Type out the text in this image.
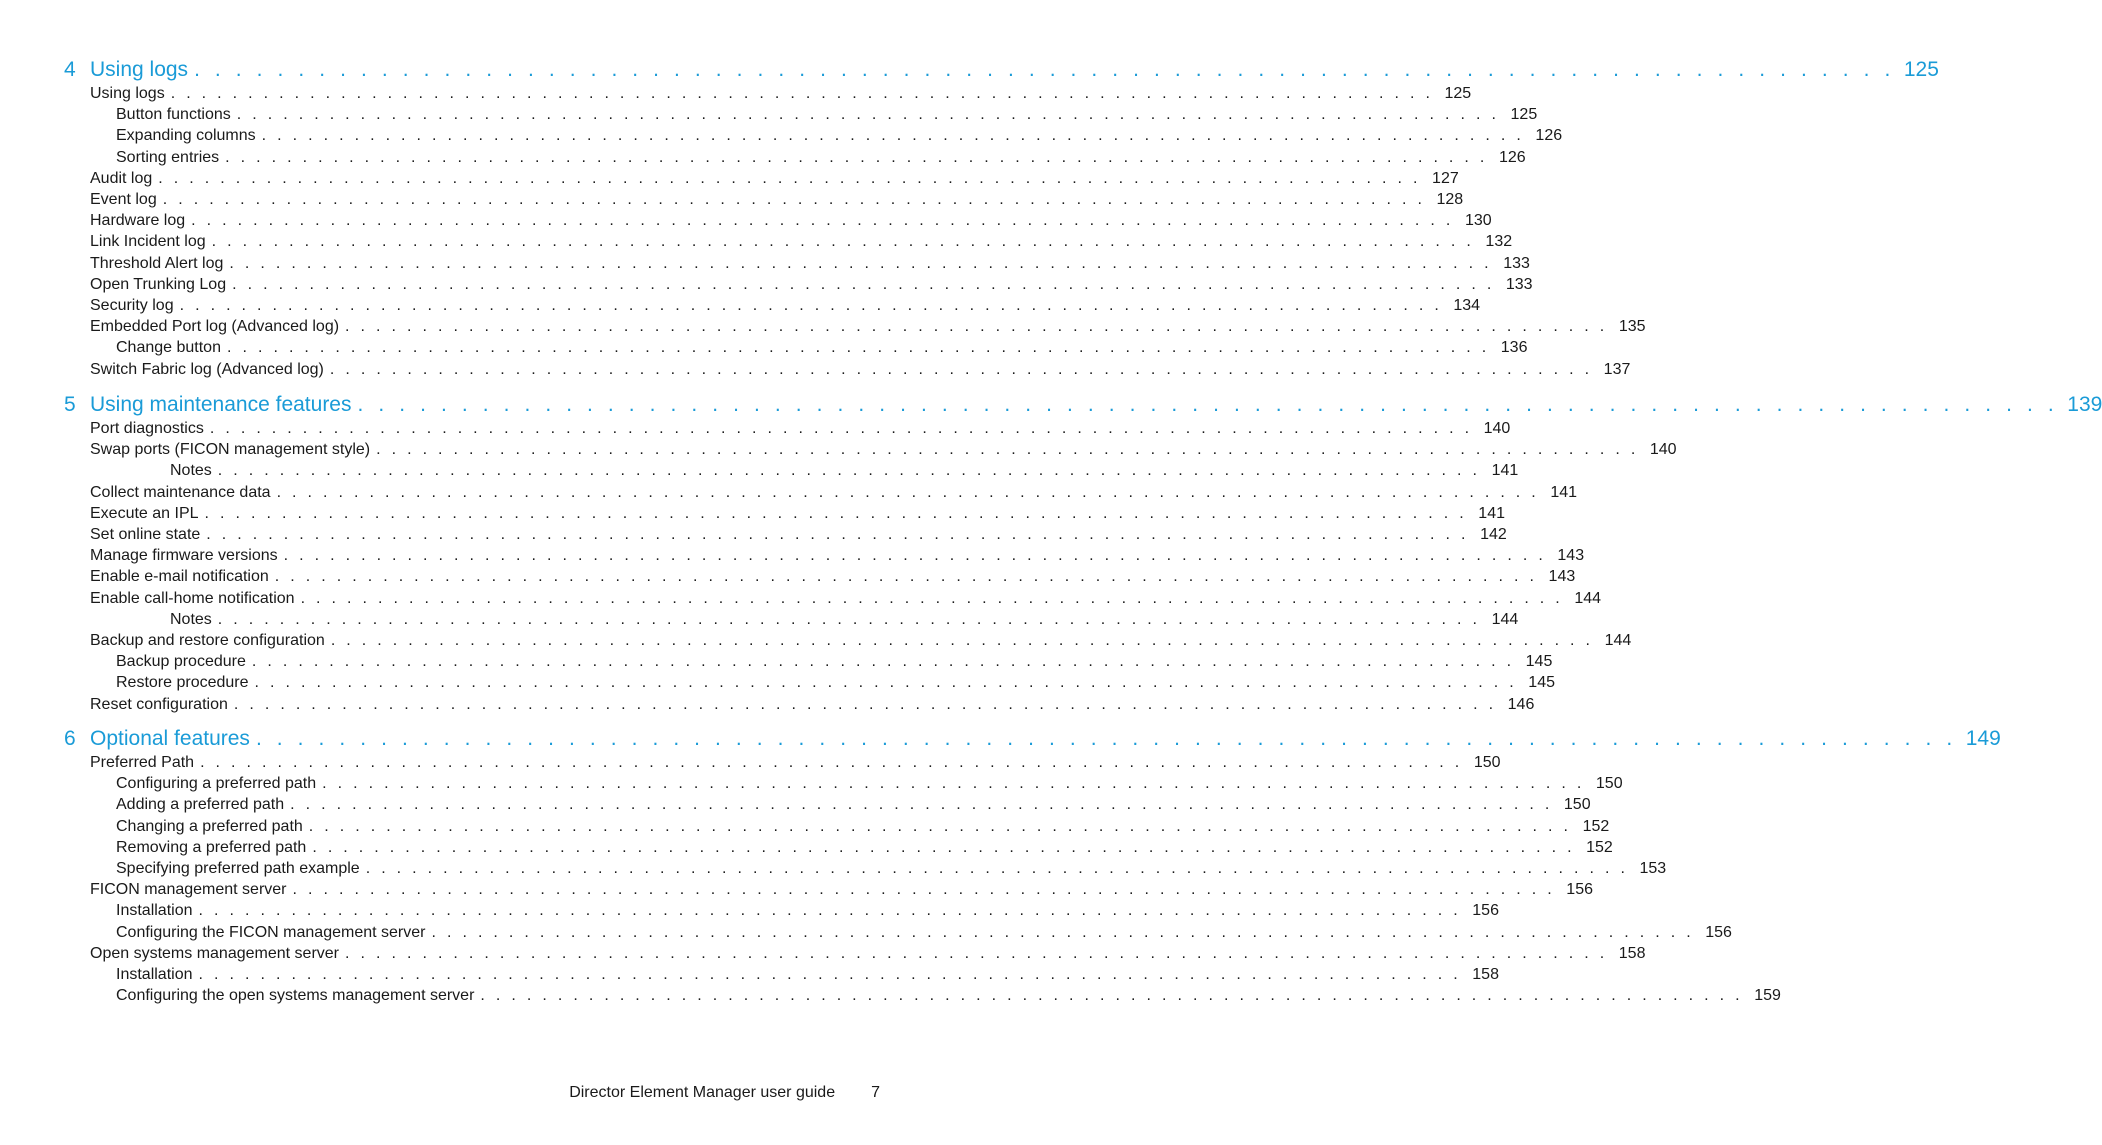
4 Using logs . . . . . . . . . . . . . . . . . . . . . . . . . . . . . . . . . . . . . . . . . . . . . . . . . . . . . . . . . . . . . . . . . . . . . . . . . . . . . . . . . . 125
Using logs . . . . . . . . . . . . . . . . . . . . . . . . . . . . . . . . . . . . . . . . . . . . . . . . . . . . . . . . . . . . . . . . . . . . . . . . . . . . . . . . . . 125
Button functions . . . . . . . . . . . . . . . . . . . . . . . . . . . . . . . . . . . . . . . . . . . . . . . . . . . . . . . . . . . . . . . . . . . . . . . . . . . . . . . . . . 125
Expanding columns . . . . . . . . . . . . . . . . . . . . . . . . . . . . . . . . . . . . . . . . . . . . . . . . . . . . . . . . . . . . . . . . . . . . . . . . . . . . . . . . . . 126
Sorting entries . . . . . . . . . . . . . . . . . . . . . . . . . . . . . . . . . . . . . . . . . . . . . . . . . . . . . . . . . . . . . . . . . . . . . . . . . . . . . . . . . . 126
Audit log . . . . . . . . . . . . . . . . . . . . . . . . . . . . . . . . . . . . . . . . . . . . . . . . . . . . . . . . . . . . . . . . . . . . . . . . . . . . . . . . . . 127
Event log . . . . . . . . . . . . . . . . . . . . . . . . . . . . . . . . . . . . . . . . . . . . . . . . . . . . . . . . . . . . . . . . . . . . . . . . . . . . . . . . . . 128
Hardware log . . . . . . . . . . . . . . . . . . . . . . . . . . . . . . . . . . . . . . . . . . . . . . . . . . . . . . . . . . . . . . . . . . . . . . . . . . . . . . . . . . 130
Link Incident log . . . . . . . . . . . . . . . . . . . . . . . . . . . . . . . . . . . . . . . . . . . . . . . . . . . . . . . . . . . . . . . . . . . . . . . . . . . . . . . . . . 132
Threshold Alert log . . . . . . . . . . . . . . . . . . . . . . . . . . . . . . . . . . . . . . . . . . . . . . . . . . . . . . . . . . . . . . . . . . . . . . . . . . . . . . . . . . 133
Open Trunking Log . . . . . . . . . . . . . . . . . . . . . . . . . . . . . . . . . . . . . . . . . . . . . . . . . . . . . . . . . . . . . . . . . . . . . . . . . . . . . . . . . . 133
Security log . . . . . . . . . . . . . . . . . . . . . . . . . . . . . . . . . . . . . . . . . . . . . . . . . . . . . . . . . . . . . . . . . . . . . . . . . . . . . . . . . . 134
Embedded Port log (Advanced log) . . . . . . . . . . . . . . . . . . . . . . . . . . . . . . . . . . . . . . . . . . . . . . . . . . . . . . . . . . . . . . . . . . . . . . . . . . . . . . . . . . 135
Change button . . . . . . . . . . . . . . . . . . . . . . . . . . . . . . . . . . . . . . . . . . . . . . . . . . . . . . . . . . . . . . . . . . . . . . . . . . . . . . . . . . 136
Switch Fabric log (Advanced log) . . . . . . . . . . . . . . . . . . . . . . . . . . . . . . . . . . . . . . . . . . . . . . . . . . . . . . . . . . . . . . . . . . . . . . . . . . . . . . . . . . 137
5 Using maintenance features . . . . . . . . . . . . . . . . . . . . . . . . . . . . . . . . . . . . . . . . . . . . . . . . . . . . . . . . . . . . . . . . . . . . . . . . . . . . . . . . . . 139
Port diagnostics . . . . . . . . . . . . . . . . . . . . . . . . . . . . . . . . . . . . . . . . . . . . . . . . . . . . . . . . . . . . . . . . . . . . . . . . . . . . . . . . . . 140
Swap ports (FICON management style) . . . . . . . . . . . . . . . . . . . . . . . . . . . . . . . . . . . . . . . . . . . . . . . . . . . . . . . . . . . . . . . . . . . . . . . . . . . . . . . . . . 140
Notes . . . . . . . . . . . . . . . . . . . . . . . . . . . . . . . . . . . . . . . . . . . . . . . . . . . . . . . . . . . . . . . . . . . . . . . . . . . . . . . . . . 141
Collect maintenance data . . . . . . . . . . . . . . . . . . . . . . . . . . . . . . . . . . . . . . . . . . . . . . . . . . . . . . . . . . . . . . . . . . . . . . . . . . . . . . . . . . 141
Execute an IPL . . . . . . . . . . . . . . . . . . . . . . . . . . . . . . . . . . . . . . . . . . . . . . . . . . . . . . . . . . . . . . . . . . . . . . . . . . . . . . . . . . 141
Set online state . . . . . . . . . . . . . . . . . . . . . . . . . . . . . . . . . . . . . . . . . . . . . . . . . . . . . . . . . . . . . . . . . . . . . . . . . . . . . . . . . . 142
Manage firmware versions . . . . . . . . . . . . . . . . . . . . . . . . . . . . . . . . . . . . . . . . . . . . . . . . . . . . . . . . . . . . . . . . . . . . . . . . . . . . . . . . . . 143
Enable e-mail notification . . . . . . . . . . . . . . . . . . . . . . . . . . . . . . . . . . . . . . . . . . . . . . . . . . . . . . . . . . . . . . . . . . . . . . . . . . . . . . . . . . 143
Enable call-home notification . . . . . . . . . . . . . . . . . . . . . . . . . . . . . . . . . . . . . . . . . . . . . . . . . . . . . . . . . . . . . . . . . . . . . . . . . . . . . . . . . . 144
Notes . . . . . . . . . . . . . . . . . . . . . . . . . . . . . . . . . . . . . . . . . . . . . . . . . . . . . . . . . . . . . . . . . . . . . . . . . . . . . . . . . . 144
Backup and restore configuration . . . . . . . . . . . . . . . . . . . . . . . . . . . . . . . . . . . . . . . . . . . . . . . . . . . . . . . . . . . . . . . . . . . . . . . . . . . . . . . . . . 144
Backup procedure . . . . . . . . . . . . . . . . . . . . . . . . . . . . . . . . . . . . . . . . . . . . . . . . . . . . . . . . . . . . . . . . . . . . . . . . . . . . . . . . . . 145
Restore procedure . . . . . . . . . . . . . . . . . . . . . . . . . . . . . . . . . . . . . . . . . . . . . . . . . . . . . . . . . . . . . . . . . . . . . . . . . . . . . . . . . . 145
Reset configuration . . . . . . . . . . . . . . . . . . . . . . . . . . . . . . . . . . . . . . . . . . . . . . . . . . . . . . . . . . . . . . . . . . . . . . . . . . . . . . . . . . 146
6 Optional features . . . . . . . . . . . . . . . . . . . . . . . . . . . . . . . . . . . . . . . . . . . . . . . . . . . . . . . . . . . . . . . . . . . . . . . . . . . . . . . . . . 149
Preferred Path . . . . . . . . . . . . . . . . . . . . . . . . . . . . . . . . . . . . . . . . . . . . . . . . . . . . . . . . . . . . . . . . . . . . . . . . . . . . . . . . . . 150
Configuring a preferred path . . . . . . . . . . . . . . . . . . . . . . . . . . . . . . . . . . . . . . . . . . . . . . . . . . . . . . . . . . . . . . . . . . . . . . . . . . . . . . . . . . 150
Adding a preferred path . . . . . . . . . . . . . . . . . . . . . . . . . . . . . . . . . . . . . . . . . . . . . . . . . . . . . . . . . . . . . . . . . . . . . . . . . . . . . . . . . . 150
Changing a preferred path . . . . . . . . . . . . . . . . . . . . . . . . . . . . . . . . . . . . . . . . . . . . . . . . . . . . . . . . . . . . . . . . . . . . . . . . . . . . . . . . . . 152
Removing a preferred path . . . . . . . . . . . . . . . . . . . . . . . . . . . . . . . . . . . . . . . . . . . . . . . . . . . . . . . . . . . . . . . . . . . . . . . . . . . . . . . . . . 152
Specifying preferred path example . . . . . . . . . . . . . . . . . . . . . . . . . . . . . . . . . . . . . . . . . . . . . . . . . . . . . . . . . . . . . . . . . . . . . . . . . . . . . . . . . . 153
FICON management server . . . . . . . . . . . . . . . . . . . . . . . . . . . . . . . . . . . . . . . . . . . . . . . . . . . . . . . . . . . . . . . . . . . . . . . . . . . . . . . . . . 156
Installation . . . . . . . . . . . . . . . . . . . . . . . . . . . . . . . . . . . . . . . . . . . . . . . . . . . . . . . . . . . . . . . . . . . . . . . . . . . . . . . . . . 156
Configuring the FICON management server . . . . . . . . . . . . . . . . . . . . . . . . . . . . . . . . . . . . . . . . . . . . . . . . . . . . . . . . . . . . . . . . . . . . . . . . . . . . . . . . . . 156
Open systems management server . . . . . . . . . . . . . . . . . . . . . . . . . . . . . . . . . . . . . . . . . . . . . . . . . . . . . . . . . . . . . . . . . . . . . . . . . . . . . . . . . . 158
Installation . . . . . . . . . . . . . . . . . . . . . . . . . . . . . . . . . . . . . . . . . . . . . . . . . . . . . . . . . . . . . . . . . . . . . . . . . . . . . . . . . . 158
Configuring the open systems management server . . . . . . . . . . . . . . . . . . . . . . . . . . . . . . . . . . . . . . . . . . . . . . . . . . . . . . . . . . . . . . . . . . . . . . . . . . . . . . . . . . 159
Director Element Manager user guide 7
